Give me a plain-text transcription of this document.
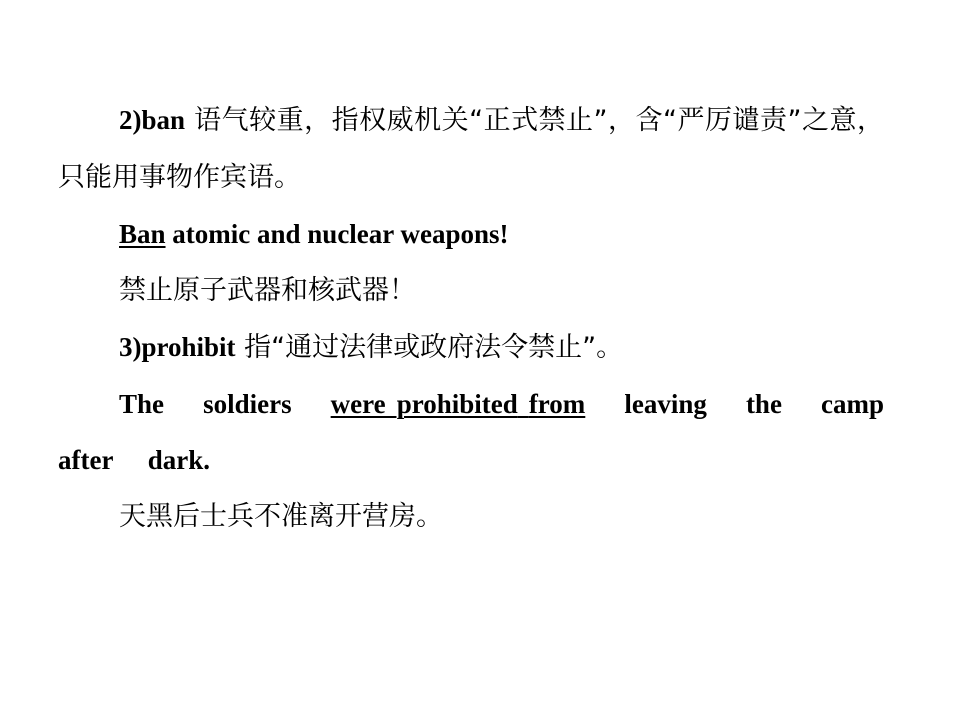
2)ban 语气较重，指权威机关“正式禁止”，含“严厉谴责”之意，只能用事物作宾语。

Ban atomic and nuclear weapons!

禁止原子武器和核武器！

3)prohibit 指“通过法律或政府法令禁止”。

The soldiers were prohibited from leaving the camp after dark.

天黑后士兵不准离开营房。
